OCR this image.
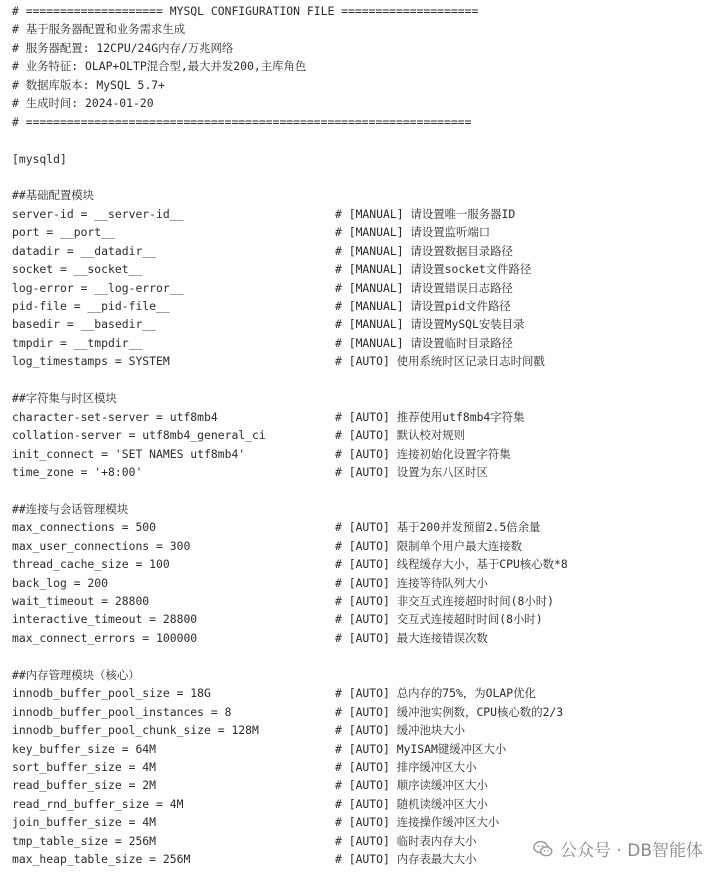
# ==================== MYSQL CONFIGURATION FILE ====================
# 基于服务器配置和业务需求生成
# 服务器配置: 12CPU/24G内存/万兆网络
# 业务特征: OLAP+OLTP混合型,最大并发200,主库角色
# 数据库版本: MySQL 5.7+
# 生成时间: 2024-01-20
# =================================================================
[mysqld]
##基础配置模块
server-id = __server-id__	# [MANUAL] 请设置唯一服务器ID
port = __port__	# [MANUAL] 请设置监听端口
datadir = __datadir__	# [MANUAL] 请设置数据目录路径
socket = __socket__	# [MANUAL] 请设置socket文件路径
log-error = __log-error__	# [MANUAL] 请设置错误日志路径
pid-file = __pid-file__	# [MANUAL] 请设置pid文件路径
basedir = __basedir__	# [MANUAL] 请设置MySQL安装目录
tmpdir = __tmpdir__	# [MANUAL] 请设置临时目录路径
log_timestamps = SYSTEM	# [AUTO] 使用系统时区记录日志时间戳
##字符集与时区模块
character-set-server = utf8mb4	# [AUTO] 推荐使用utf8mb4字符集
collation-server = utf8mb4_general_ci	# [AUTO] 默认校对规则
init_connect = 'SET NAMES utf8mb4'	# [AUTO] 连接初始化设置字符集
time_zone = '+8:00'	# [AUTO] 设置为东八区时区
##连接与会话管理模块
max_connections = 500	# [AUTO] 基于200并发预留2.5倍余量
max_user_connections = 300	# [AUTO] 限制单个用户最大连接数
thread_cache_size = 100	# [AUTO] 线程缓存大小，基于CPU核心数*8
back_log = 200	# [AUTO] 连接等待队列大小
wait_timeout = 28800	# [AUTO] 非交互式连接超时时间(8小时)
interactive_timeout = 28800	# [AUTO] 交互式连接超时时间(8小时)
max_connect_errors = 100000	# [AUTO] 最大连接错误次数
##内存管理模块（核心）
innodb_buffer_pool_size = 18G	# [AUTO] 总内存的75%，为OLAP优化
innodb_buffer_pool_instances = 8	# [AUTO] 缓冲池实例数，CPU核心数的2/3
innodb_buffer_pool_chunk_size = 128M	# [AUTO] 缓冲池块大小
key_buffer_size = 64M	# [AUTO] MyISAM键缓冲区大小
sort_buffer_size = 4M	# [AUTO] 排序缓冲区大小
read_buffer_size = 2M	# [AUTO] 顺序读缓冲区大小
read_rnd_buffer_size = 4M	# [AUTO] 随机读缓冲区大小
join_buffer_size = 4M	# [AUTO] 连接操作缓冲区大小
tmp_table_size = 256M	# [AUTO] 临时表内存大小
max_heap_table_size = 256M	# [AUTO] 内存表最大大小	公众号 · DB智能体
